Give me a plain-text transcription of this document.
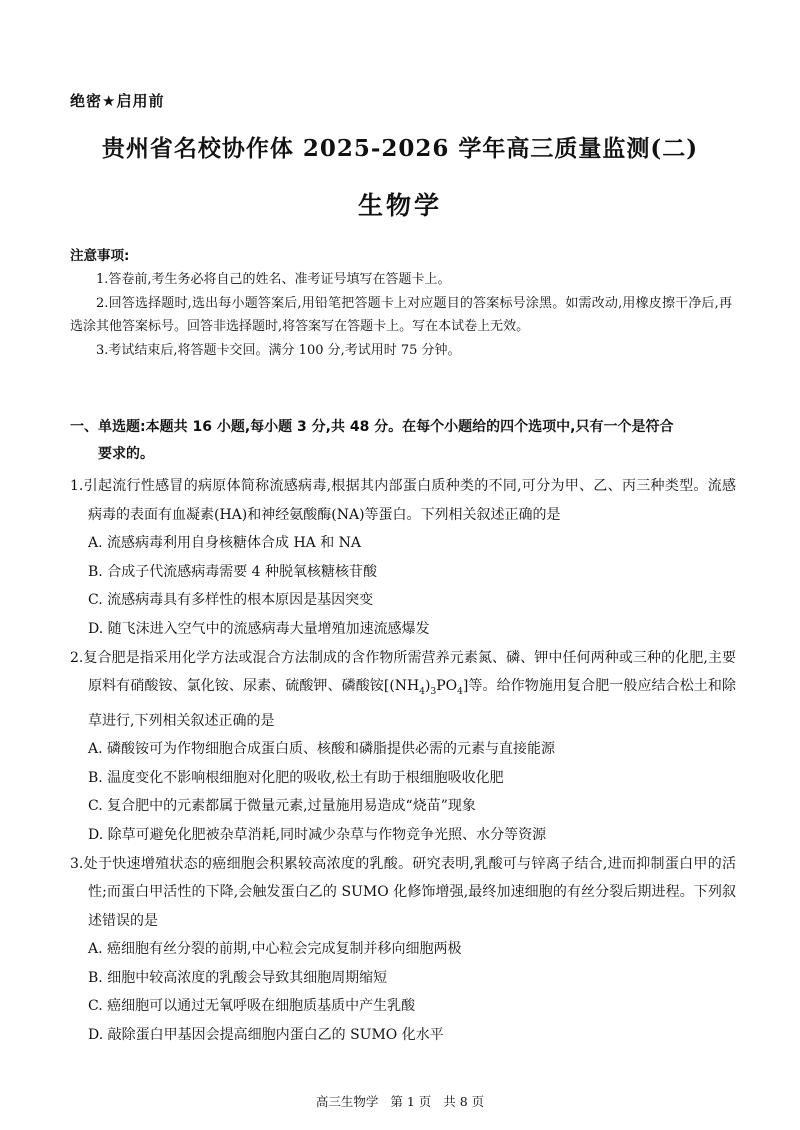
绝密★启用前
贵州省名校协作体 2025-2026 学年高三质量监测(二)
生物学
注意事项:

1.答卷前,考生务必将自己的姓名、准考证号填写在答题卡上。

2.回答选择题时,选出每小题答案后,用铅笔把答题卡上对应题目的答案标号涂黑。如需改动,用橡皮擦干净后,再选涂其他答案标号。回答非选择题时,将答案写在答题卡上。写在本试卷上无效。

3.考试结束后,将答题卡交回。满分 100 分,考试用时 75 分钟。

一、单选题:本题共 16 小题,每小题 3 分,共 48 分。在每个小题给的四个选项中,只有一个是符合
要求的。

1.引起流行性感冒的病原体简称流感病毒,根据其内部蛋白质种类的不同,可分为甲、乙、丙三种类型。流感病毒的表面有血凝素(HA)和神经氨酸酶(NA)等蛋白。下列相关叙述正确的是

A. 流感病毒利用自身核糖体合成 HA 和 NA

B. 合成子代流感病毒需要 4 种脱氧核糖核苷酸

C. 流感病毒具有多样性的根本原因是基因突变

D. 随飞沫进入空气中的流感病毒大量增殖加速流感爆发

2.复合肥是指采用化学方法或混合方法制成的含作物所需营养元素氮、磷、钾中任何两种或三种的化肥,主要原料有硝酸铵、氯化铵、尿素、硫酸钾、磷酸铵$[(NH_4)_3PO_4]$等。给作物施用复合肥一般应结合松土和除草进行,下列相关叙述正确的是

A. 磷酸铵可为作物细胞合成蛋白质、核酸和磷脂提供必需的元素与直接能源

B. 温度变化不影响根细胞对化肥的吸收,松土有助于根细胞吸收化肥

C. 复合肥中的元素都属于微量元素,过量施用易造成“烧苗”现象

D. 除草可避免化肥被杂草消耗,同时减少杂草与作物竞争光照、水分等资源

3.处于快速增殖状态的癌细胞会积累较高浓度的乳酸。研究表明,乳酸可与锌离子结合,进而抑制蛋白甲的活性;而蛋白甲活性的下降,会触发蛋白乙的 SUMO 化修饰增强,最终加速细胞的有丝分裂后期进程。下列叙述错误的是

A. 癌细胞有丝分裂的前期,中心粒会完成复制并移向细胞两极

B. 细胞中较高浓度的乳酸会导致其细胞周期缩短

C. 癌细胞可以通过无氧呼吸在细胞质基质中产生乳酸

D. 敲除蛋白甲基因会提高细胞内蛋白乙的 SUMO 化水平

高三生物学 第 1 页 共 8 页
